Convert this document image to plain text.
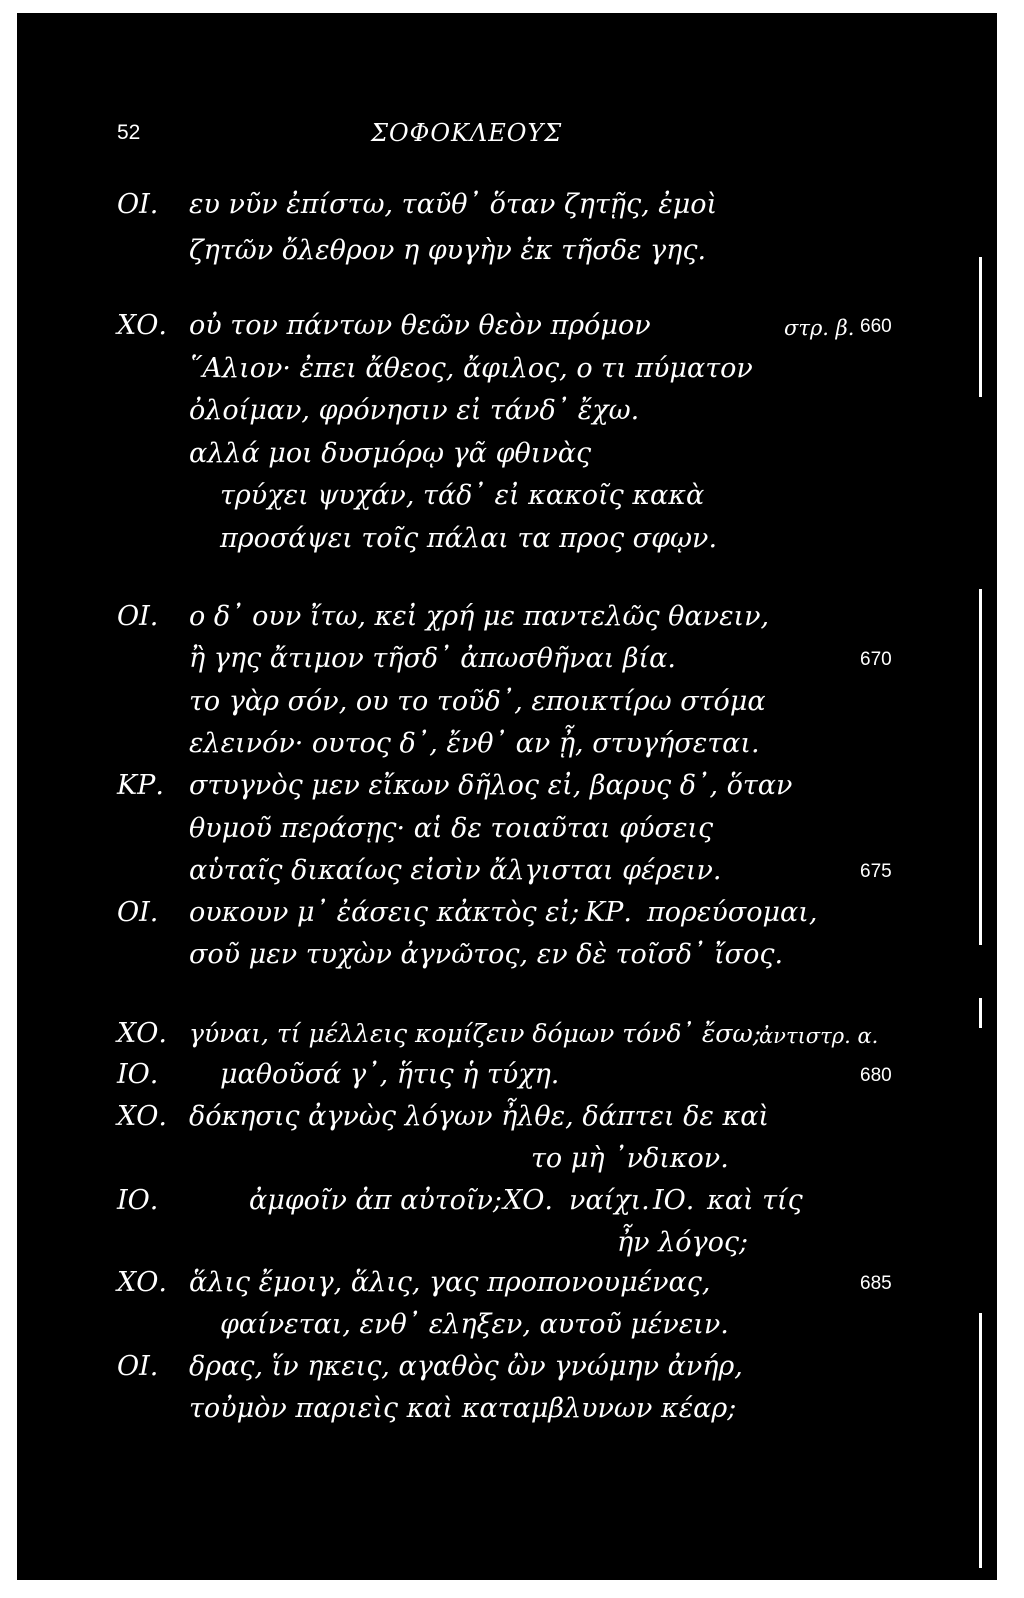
52	ΣΟΦΟΚΛΕΟΥΣ
ΟΙ. ευ νῦν ἐπίστω, ταῦθ᾽ ὅταν ζητῇς, ἐμοὶ
ζητῶν ὄλεθρον η φυγὴν ἐκ τῆσδε γης.
ΧΟ. οὐ τον πάντων θεῶν θεὸν πρόμον	στρ. β. 660
῞Αλιον· ἐπει ἄθεος, ἄφιλος, ο τι πύματον
ὀλοίμαν, φρόνησιν εἰ τάνδ᾽ ἔχω.
αλλά μοι δυσμόρῳ γᾶ φθινὰς
τρύχει ψυχάν, τάδ᾽ εἰ κακοῖς κακὰ
προσάψει τοῖς πάλαι τα προς σφῳν.
ΟΙ. ο δ᾽ ουν ἴτω, κεἰ χρή με παντελῶς θανειν,
ἢ γης ἄτιμον τῆσδ᾽ ἀπωσθῆναι βία.	670
το γὰρ σόν, ου το τοῦδ᾽, εποικτίρω στόμα
ελεινόν· ουτος δ᾽, ἔνθ᾽ αν ᾖ, στυγήσεται.
ΚΡ. στυγνὸς μεν εἴκων δῆλος εἰ, βαρυς δ᾽, ὅταν
θυμοῦ περάσῃς· αἱ δε τοιαῦται φύσεις
αὑταῖς δικαίως εἰσὶν ἄλγισται φέρειν.	675
ΟΙ. ουκουν μ᾽ ἐάσεις κἀκτὸς εἰ; ΚΡ. πορεύσομαι,
σοῦ μεν τυχὼν ἀγνῶτος, εν δὲ τοῖσδ᾽ ἴσος.
ΧΟ. γύναι, τί μέλλεις κομίζειν δόμων τόνδ᾽ ἔσω;
ἀντιστρ. α.
ΙΟ. μαθοῦσά γ᾽, ἥτις ἡ τύχη.	680
ΧΟ. δόκησις ἀγνὼς λόγων ἦλθε, δάπτει δε καὶ
το μὴ ᾿νδικον.
ΙΟ.	ἀμφοῖν ἀπ αὐτοῖν; ΧΟ. ναίχι. ΙΟ. καὶ τίς
ἦν λόγος;
ΧΟ. ἅλις ἔμοιγ, ἅλις, γας προπονουμένας,	685
φαίνεται, ενθ᾽ εληξεν, αυτοῦ μένειν.
ΟΙ. δρας, ἵν ηκεις, αγαθὸς ὢν γνώμην ἀνήρ,
τοὐμὸν παριεὶς καὶ καταμβλυνων κέαρ;
